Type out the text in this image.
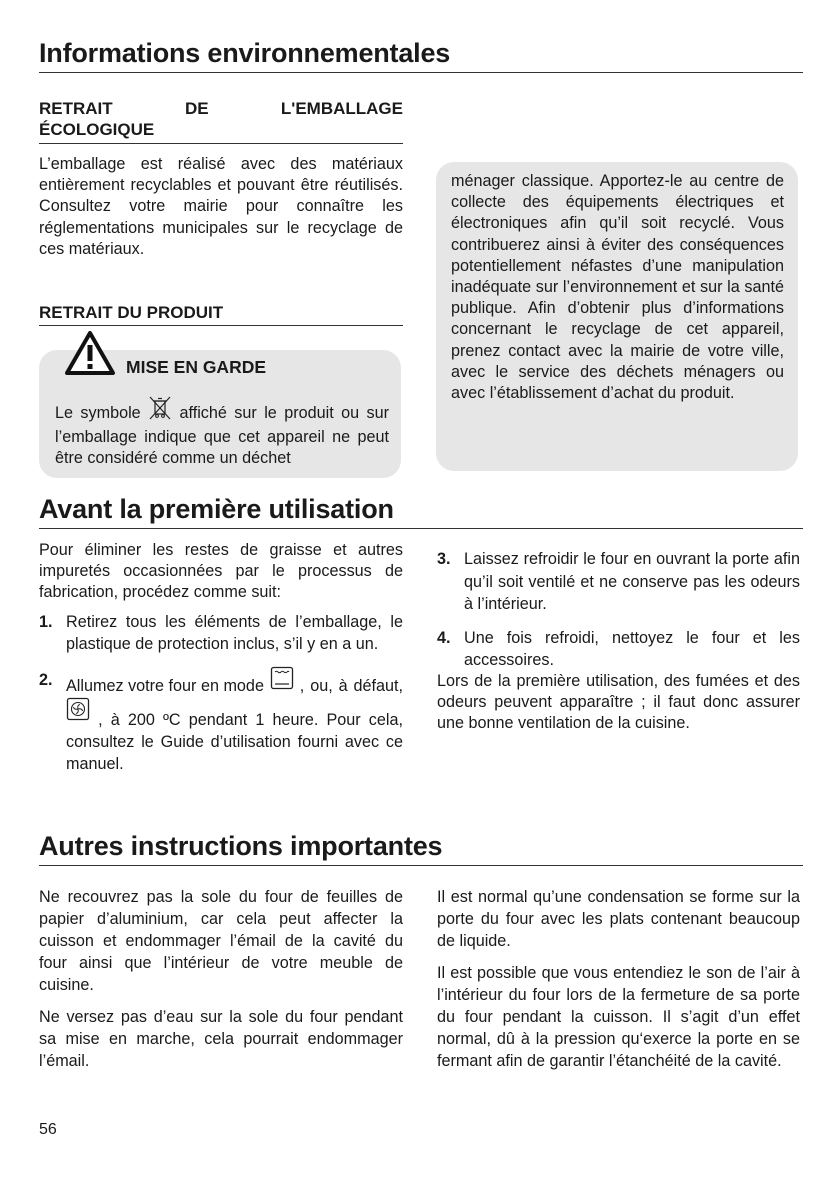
Informations environnementales
RETRAIT	DE	L'EMBALLAGE
ÉCOLOGIQUE

L’emballage est réalisé avec des matériaux entièrement recyclables et pouvant être réutilisés. Consultez votre mairie pour connaître les réglementations municipales sur le recyclage de ces matériaux.

RETRAIT DU PRODUIT
MISE EN GARDE
Le symbole affiché sur le produit ou sur l’emballage indique que cet appareil ne peut être considéré comme un déchet

ménager classique. Apportez-le au centre de collecte des équipements électriques et électroniques afin qu’il soit recyclé. Vous contribuerez ainsi à éviter des conséquences potentiellement néfastes d’une manipulation inadéquate sur l’environnement et sur la santé publique. Afin d’obtenir plus d’informations concernant le recyclage de cet appareil, prenez contact avec la mairie de votre ville, avec le service des déchets ménagers ou avec l’établissement d’achat du produit.

Avant la première utilisation

Pour éliminer les restes de graisse et autres impuretés occasionnées par le processus de fabrication, procédez comme suit:

1. Retirez tous les éléments de l’emballage, le plastique de protection inclus, s’il y en a un.
2. Allumez votre four en mode , ou, à défaut,  , à 200 ºC pendant 1 heure. Pour cela, consultez le Guide d’utilisation fourni avec ce manuel.
3. Laissez refroidir le four en ouvrant la porte afin qu’il soit ventilé et ne conserve pas les odeurs à l’intérieur.
4. Une fois refroidi, nettoyez le four et les accessoires.

Lors de la première utilisation, des fumées et des odeurs peuvent apparaître ; il faut donc assurer une bonne ventilation de la cuisine.

Autres instructions importantes

Ne recouvrez pas la sole du four de feuilles de papier d’aluminium, car cela peut affecter la cuisson et endommager l’émail de la cavité du four ainsi que l’intérieur de votre meuble de cuisine.

Ne versez pas d’eau sur la sole du four pendant sa mise en marche, cela pourrait endommager l’émail.

Il est normal qu’une condensation se forme sur la porte du four avec les plats contenant beaucoup de liquide.

Il est possible que vous entendiez le son de l’air à l’intérieur du four lors de la fermeture de sa porte du four pendant la cuisson. Il s’agit d’un effet normal, dû à la pression qu‘exerce la porte en se fermant afin de garantir l’étanchéité de la cavité.

56
